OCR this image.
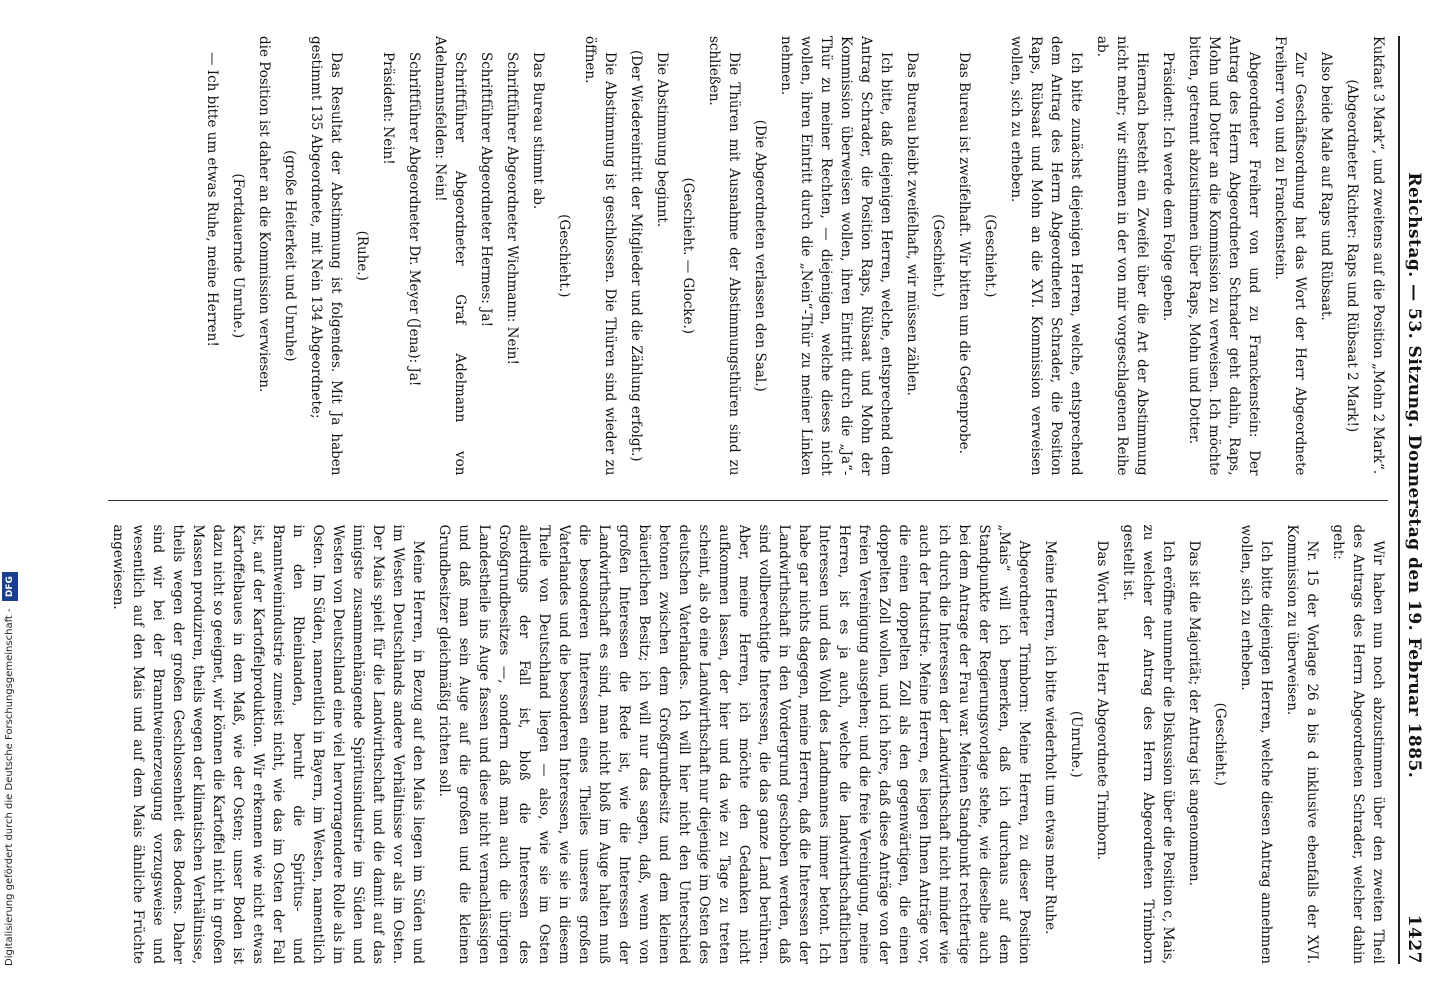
Digitalisierung gefördert durch die Deutsche Forschungsgemeinschaft - DFG	Reichstag. — 53. Sitzung. Donnerstag den 19. Februar 1885.
1427

Kukfaat 3 Mark“, und zweitens auf die Position „Mohn 2 Mark“.

(Abgeordneter Richter: Raps und Rübsaat 2 Mark!)

Also beide Male auf Raps und Rübsaat.

Zur Geschäftsordnung hat das Wort der Herr Abgeordnete Freiherr von und zu Franckenstein.

Abgeordneter Freiherr von und zu Franckenstein: Der Antrag des Herrn Abgeordneten Schrader geht dahin, Raps, Mohn und Dotter an die Kommission zu verweisen. Ich möchte bitten, getrennt abzustimmen über Raps, Mohn und Dotter.

Präsident: Ich werde dem Folge geben.

Hiernach besteht ein Zweifel über die Art der Abstimmung nicht mehr; wir stimmen in der von mir vorgeschlagenen Reihe ab.

Ich bitte zunächst diejenigen Herren, welche, entsprechend dem Antrag des Herrn Abgeordneten Schrader, die Position Raps, Rübsaat und Mohn an die XVI. Kommission verweisen wollen, sich zu erheben.

(Geschieht.)

Das Bureau ist zweifelhaft. Wir bitten um die Gegenprobe.

(Geschieht.)

Das Bureau bleibt zweifelhaft, wir müssen zählen.

Ich bitte, daß diejenigen Herren, welche, entsprechend dem Antrag Schrader, die Position Raps, Rübsaat und Mohn der Kommission überweisen wollen, ihren Eintritt durch die „Ja“-Thür zu meiner Rechten, — diejenigen, welche dieses nicht wollen, ihren Eintritt durch die „Nein“-Thür zu meiner Linken nehmen.

(Die Abgeordneten verlassen den Saal.)

Die Thüren mit Ausnahme der Abstimmungsthüren sind zu schließen.

(Geschieht. — Glocke.)

Die Abstimmung beginnt.

(Der Wiedereintritt der Mitglieder und die Zählung erfolgt.)

Die Abstimmung ist geschlossen. Die Thüren sind wieder zu öffnen.

(Geschieht.)

Das Bureau stimmt ab.

Schriftführer Abgeordneter Wichmann: Nein!

Schriftführer Abgeordneter Hermes: Ja!

Schriftführer Abgeordneter Graf Adelmann von Adelmannsfelden: Nein!

Schriftführer Abgeordneter Dr. Meyer (Jena): Ja!

Präsident: Nein!

(Ruhe.)

Das Resultat der Abstimmung ist folgendes. Mit Ja haben gestimmt 135 Abgeordnete, mit Nein 134 Abgeordnete;

(große Heiterkeit und Unruhe)

die Position ist daher an die Kommission verwiesen.

(Fortdauernde Unruhe.)

— Ich bitte um etwas Ruhe, meine Herren!

Wir haben nun noch abzustimmen über den zweiten Theil des Antrags des Herrn Abgeordneten Schrader, welcher dahin geht:

Nr. 15 der Vorlage 26 a bis d inklusive ebenfalls der XVI. Kommission zu überweisen.

Ich bitte diejenigen Herren, welche diesen Antrag annehmen wollen, sich zu erheben.

(Geschieht.)

Das ist die Majorität; der Antrag ist angenommen.

Ich eröffne nunmehr die Diskussion über die Position c, Mais, zu welcher der Antrag des Herrn Abgeordneten Trimborn gestellt ist.

Das Wort hat der Herr Abgeordnete Trimborn.

(Unruhe.)

Meine Herren, ich bitte wiederholt um etwas mehr Ruhe.

Abgeordneter Trimborn: Meine Herren, zu dieser Position „Mais“ will ich bemerken, daß ich durchaus auf dem Standpunkte der Regierungsvorlage stehe, wie dieselbe auch bei dem Antrage der Frau war. Meinen Standpunkt rechtfertige ich durch die Interessen der Landwirthschaft nicht minder wie auch der Industrie. Meine Herren, es liegen Ihnen Anträge vor, die einen doppelten Zoll als den gegenwärtigen, die einen doppelten Zoll wollen, und ich höre, daß diese Anträge von der freien Vereinigung ausgehen; und die freie Vereinigung, meine Herren, ist es ja auch, welche die landwirthschaftlichen Interessen und das Wohl des Landmannes immer betont. Ich habe gar nichts dagegen, meine Herren, daß die Interessen der Landwirthschaft in den Vordergrund geschoben werden, daß sind vollberechtigte Interessen, die das ganze Land berühren. Aber, meine Herren, ich möchte den Gedanken nicht aufkommen lassen, der hier und da wie zu Tage zu treten scheint, als ob eine Landwirthschaft nur diejenige im Osten des deutschen Vaterlandes. Ich will hier nicht den Unterschied betonen zwischen dem Großgrundbesitz und dem kleinen bäuerlichen Besitz; ich will nur das sagen, daß, wenn von großen Interessen die Rede ist, wie die Interessen der Landwirthschaft es sind, man nicht bloß im Auge halten muß die besonderen Interessen eines Theiles unseres großen Vaterlandes und die besonderen Interessen, wie sie in diesem Theile von Deutschland liegen — also, wie sie im Osten allerdings der Fall ist, bloß die Interessen des Großgrundbesitzes —, sondern daß man auch die übrigen Landestheile ins Auge fassen und diese nicht vernachlässigen und daß man sein Auge auf die großen und die kleinen Grundbesitzer gleichmäßig richten soll.

Meine Herren, in Bezug auf den Mais liegen im Süden und im Westen Deutschlands andere Verhältnisse vor als im Osten. Der Mais spielt für die Landwirthschaft und die damit auf das innigste zusammenhängende Spiritusindustrie im Süden und Westen von Deutschland eine viel hervorragendere Rolle als im Osten. Im Süden, namentlich in Bayern, im Westen, namentlich in den Rheinlanden, beruht die Spiritus- und Branntweinindustrie zumeist nicht, wie das im Osten der Fall ist, auf der Kartoffelproduktion. Wir erkennen wie nicht etwas Kartoffelbaues in dem Maß, wie der Osten; unser Boden ist dazu nicht so geeignet, wir können die Kartoffel nicht in großen Massen produziren, theils wegen der klimatischen Verhältnisse, theils wegen der großen Geschlossenheit des Bodens. Daher sind wir bei der Branntweinerzeugung vorzugsweise und wesentlich auf den Mais und auf dem Mais ähnliche Früchte angewiesen.
